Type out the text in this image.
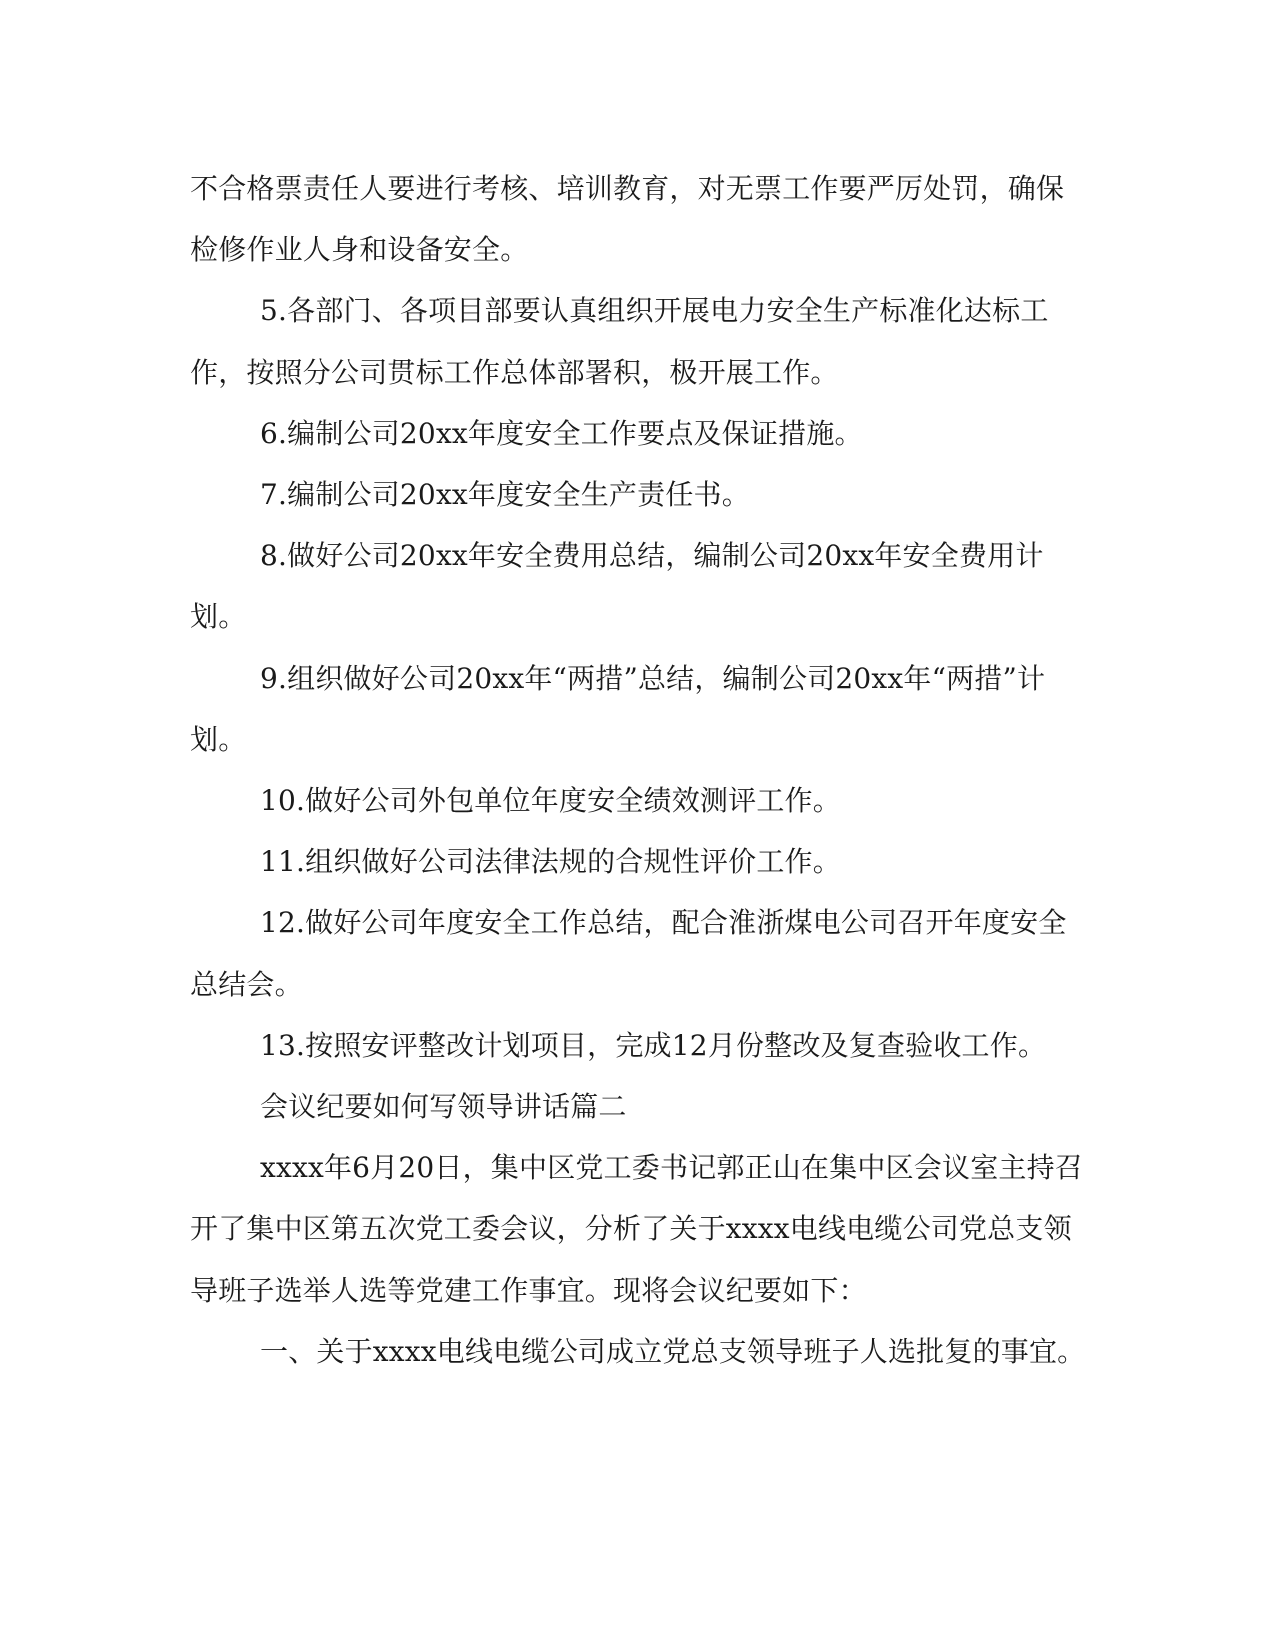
不合格票责任人要进行考核、培训教育，对无票工作要严厉处罚，确保检修作业人身和设备安全。

5.各部门、各项目部要认真组织开展电力安全生产标准化达标工作，按照分公司贯标工作总体部署积，极开展工作。

6.编制公司20xx年度安全工作要点及保证措施。

7.编制公司20xx年度安全生产责任书。

8.做好公司20xx年安全费用总结，编制公司20xx年安全费用计划。

9.组织做好公司20xx年“两措”总结，编制公司20xx年“两措”计划。

10.做好公司外包单位年度安全绩效测评工作。

11.组织做好公司法律法规的合规性评价工作。

12.做好公司年度安全工作总结，配合淮浙煤电公司召开年度安全总结会。

13.按照安评整改计划项目，完成12月份整改及复查验收工作。

会议纪要如何写领导讲话篇二

xxxx年6月20日，集中区党工委书记郭正山在集中区会议室主持召开了集中区第五次党工委会议，分析了关于xxxx电线电缆公司党总支领导班子选举人选等党建工作事宜。现将会议纪要如下：

一、关于xxxx电线电缆公司成立党总支领导班子人选批复的事宜。
